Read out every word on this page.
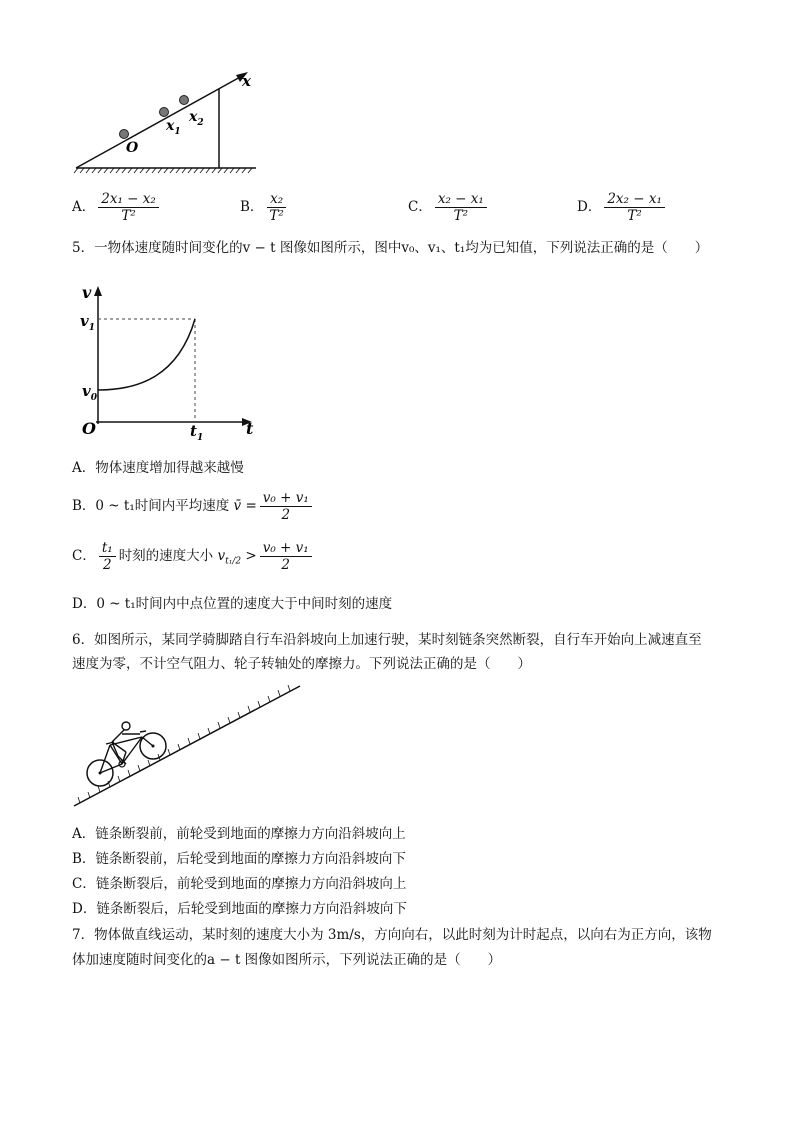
x
O
$x_1$
$x_2$
A． $\frac{\text{2x₁ − x₂}}{\text{T²}}$	B． $\frac{\text{x₂}}{\text{T²}}$	C． $\frac{\text{x₂ − x₁}}{\text{T²}}$	D． $\frac{\text{2x₂ − x₁}}{\text{T²}}$
5．一物体速度随时间变化的v − t 图像如图所示，图中v₀、v₁、t₁均为已知值，下列说法正确的是（　　）
v
t
O
$v_1$
$v_0$
$t_1$
A．物体速度增加得越来越慢
B．0 ~ t₁时间内平均速度 v̄ = $\frac{\text{v₀ + v₁}}{2}$
C． $\frac{\text{t₁}}{2}$ 时刻的速度大小 $v_{t_1/2} > \frac{\text{v₀ + v₁}}{2}$
D．0 ~ t₁时间内中点位置的速度大于中间时刻的速度
6．如图所示，某同学骑脚踏自行车沿斜坡向上加速行驶，某时刻链条突然断裂，自行车开始向上减速直至
速度为零，不计空气阻力、轮子转轴处的摩擦力。下列说法正确的是（　　）
A．链条断裂前，前轮受到地面的摩擦力方向沿斜坡向上
B．链条断裂前，后轮受到地面的摩擦力方向沿斜坡向下
C．链条断裂后，前轮受到地面的摩擦力方向沿斜坡向上
D．链条断裂后，后轮受到地面的摩擦力方向沿斜坡向下
7．物体做直线运动，某时刻的速度大小为 3m/s，方向向右，以此时刻为计时起点，以向右为正方向，该物
体加速度随时间变化的a − t 图像如图所示，下列说法正确的是（　　）
